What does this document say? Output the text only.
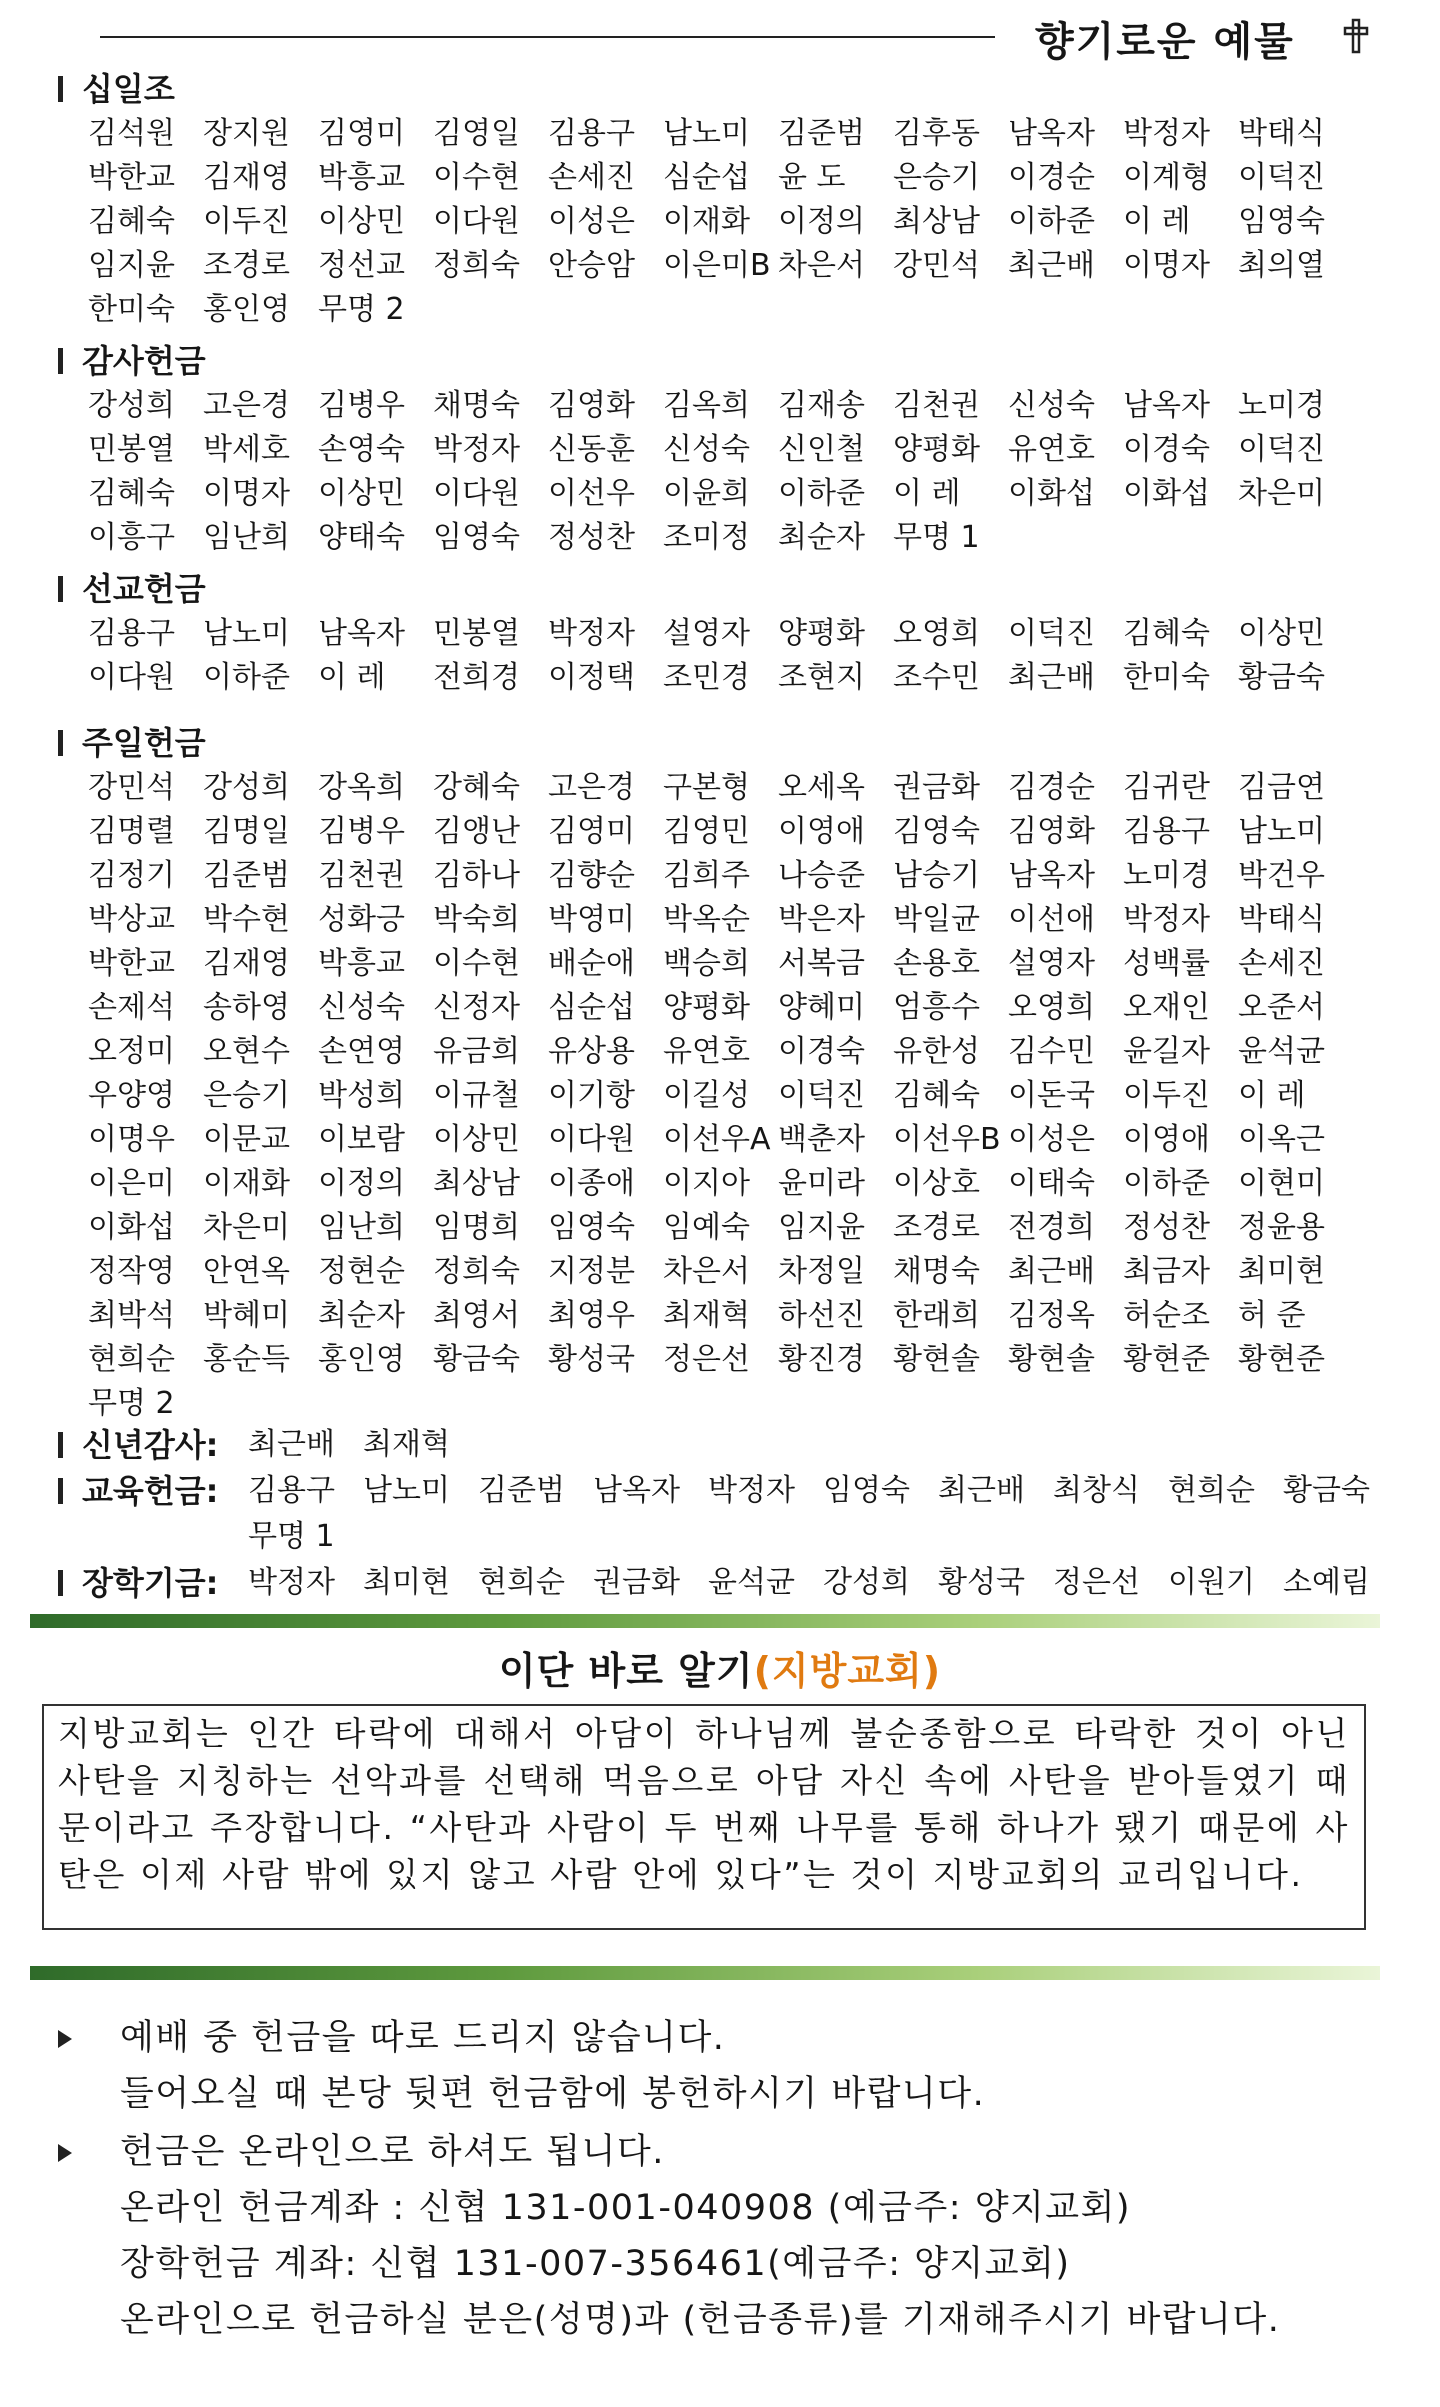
향기로운 예물
십일조
김석원 장지원 김영미 김영일 김용구 남노미 김준범 김후동 남옥자 박정자 박태식
박한교 김재영 박흥교 이수현 손세진 심순섭 윤 도	은승기 이경순 이계형 이덕진
김혜숙 이두진 이상민 이다원 이성은 이재화 이정의 최상남 이하준 이 레	임영숙
임지윤 조경로 정선교 정희숙 안승암 이은미B 차은서 강민석 최근배 이명자 최의열
한미숙 홍인영 무명 2
감사헌금
강성희 고은경 김병우 채명숙 김영화 김옥희 김재송 김천권 신성숙 남옥자 노미경
민봉열 박세호 손영숙 박정자 신동훈 신성숙 신인철 양평화 유연호 이경숙 이덕진
김혜숙 이명자 이상민 이다원 이선우 이윤희 이하준 이 레	이화섭 이화섭 차은미
이흥구 임난희 양태숙 임영숙 정성찬 조미정 최순자 무명 1
선교헌금
김용구 남노미 남옥자 민봉열 박정자 설영자 양평화 오영희 이덕진 김혜숙 이상민
이다원 이하준 이 레	전희경 이정택 조민경 조현지 조수민 최근배 한미숙 황금숙
주일헌금
강민석 강성희 강옥희 강혜숙 고은경 구본형 오세옥 권금화 김경순 김귀란 김금연
김명렬 김명일 김병우 김앵난 김영미 김영민 이영애 김영숙 김영화 김용구 남노미
김정기 김준범 김천권 김하나 김향순 김희주 나승준 남승기 남옥자 노미경 박건우
박상교 박수현 성화긍 박숙희 박영미 박옥순 박은자 박일균 이선애 박정자 박태식
박한교 김재영 박흥교 이수현 배순애 백승희 서복금 손용호 설영자 성백률 손세진
손제석 송하영 신성숙 신정자 심순섭 양평화 양혜미 엄흥수 오영희 오재인 오준서
오정미 오현수 손연영 유금희 유상용 유연호 이경숙 유한성 김수민 윤길자 윤석균
우양영 은승기 박성희 이규철 이기항 이길성 이덕진 김혜숙 이돈국 이두진 이 레
이명우 이문교 이보람 이상민 이다원 이선우A 백춘자 이선우B 이성은 이영애 이옥근
이은미 이재화 이정의 최상남 이종애 이지아 윤미라 이상호 이태숙 이하준 이현미
이화섭 차은미 임난희 임명희 임영숙 임예숙 임지윤 조경로 전경희 정성찬 정윤용
정작영 안연옥 정현순 정희숙 지정분 차은서 차정일 채명숙 최근배 최금자 최미현
최박석 박혜미 최순자 최영서 최영우 최재혁 하선진 한래희 김정옥 허순조 허 준
현희순 홍순득 홍인영 황금숙 황성국 정은선 황진경 황현솔 황현솔 황현준 황현준
무명 2
신년감사: 최근배 최재혁
교육헌금: 김용구 남노미 김준범 남옥자 박정자 임영숙 최근배 최창식 현희순 황금숙
무명 1
장학기금: 박정자 최미현 현희순 권금화 윤석균 강성희 황성국 정은선 이원기 소예림
이단 바로 알기(지방교회)
지방교회는 인간 타락에 대해서 아담이 하나님께 불순종함으로 타락한 것이 아닌 사탄을 지칭하는 선악과를 선택해 먹음으로 아담 자신 속에 사탄을 받아들였기 때문이라고 주장합니다. “사탄과 사람이 두 번째 나무를 통해 하나가 됐기 때문에 사탄은 이제 사람 밖에 있지 않고 사람 안에 있다”는 것이 지방교회의 교리입니다.
예배 중 헌금을 따로 드리지 않습니다.
들어오실 때 본당 뒷편 헌금함에 봉헌하시기 바랍니다.
헌금은 온라인으로 하셔도 됩니다.
온라인 헌금계좌 : 신협 131-001-040908 (예금주: 양지교회)
장학헌금 계좌: 신협 131-007-356461(예금주: 양지교회)
온라인으로 헌금하실 분은(성명)과 (헌금종류)를 기재해주시기 바랍니다.
